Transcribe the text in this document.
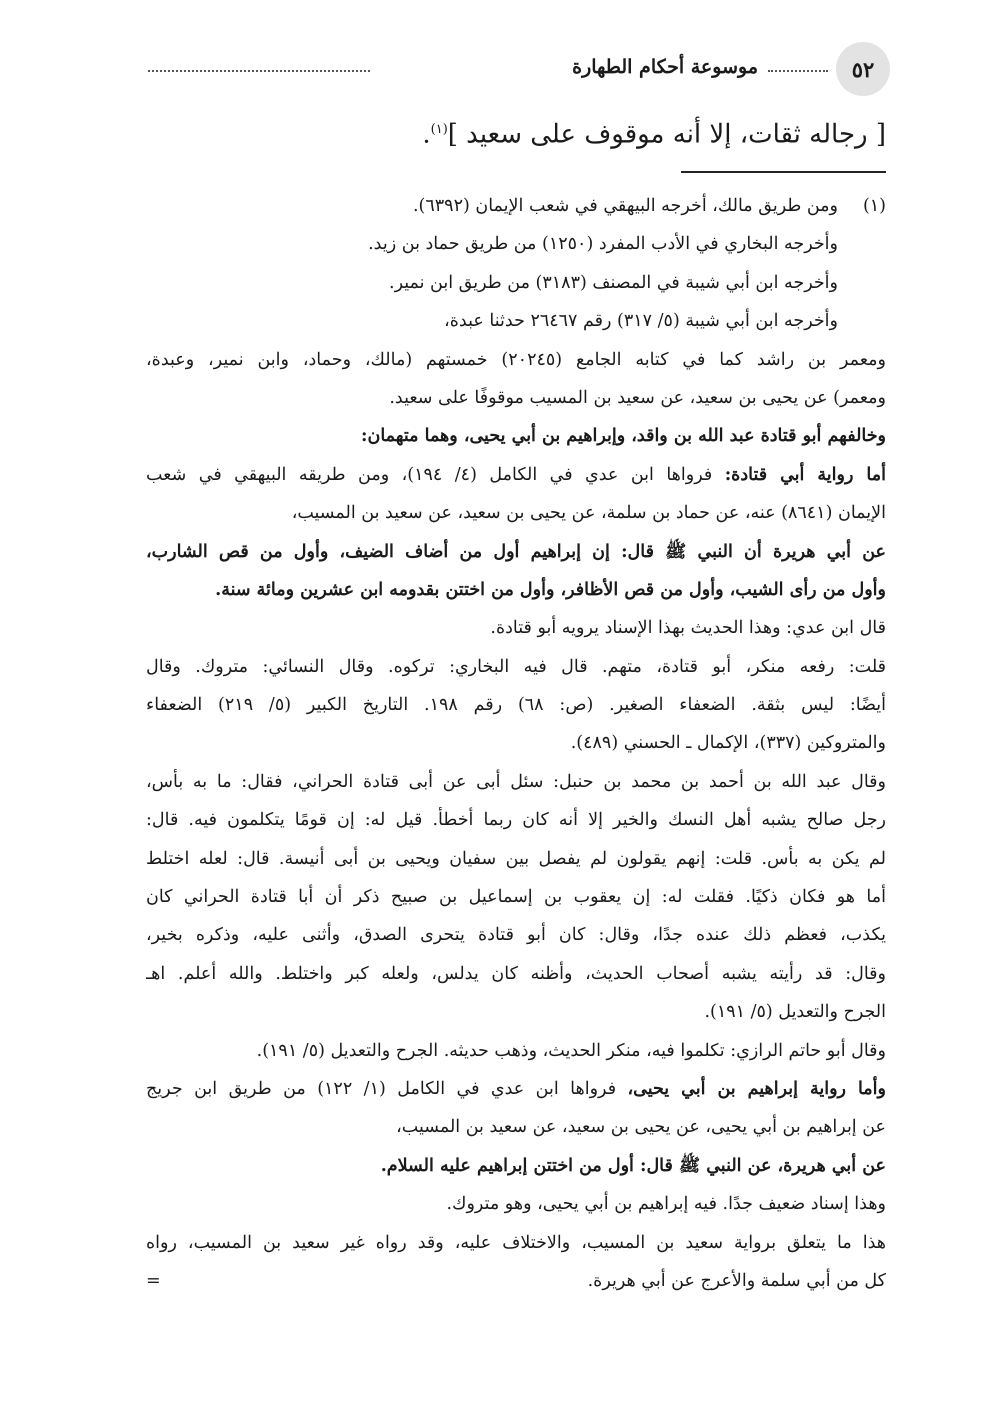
٥٢
موسوعة أحكام الطهارة
[ رجاله ثقات، إلا أنه موقوف على سعيد ]$^{(١)}$.
(١)
ومن طريق مالك، أخرجه البيهقي في شعب الإيمان (٦٣٩٢).
وأخرجه البخاري في الأدب المفرد (١٢٥٠) من طريق حماد بن زيد.
وأخرجه ابن أبي شيبة في المصنف (٣١٨٣) من طريق ابن نمير.
وأخرجه ابن أبي شيبة (٥/ ٣١٧) رقم ٢٦٤٦٧ حدثنا عبدة،
ومعمر بن راشد كما في كتابه الجامع (٢٠٢٤٥) خمستهم (مالك، وحماد، وابن نمير، وعبدة،
ومعمر) عن يحيى بن سعيد، عن سعيد بن المسيب موقوفًا على سعيد.
وخالفهم أبو قتادة عبد الله بن واقد، وإبراهيم بن أبي يحيى، وهما متهمان:
أما رواية أبي قتادة: فرواها ابن عدي في الكامل (٤/ ١٩٤)، ومن طريقه البيهقي في شعب
الإيمان (٨٦٤١) عنه، عن حماد بن سلمة، عن يحيى بن سعيد، عن سعيد بن المسيب،
عن أبي هريرة أن النبي ﷺ قال: إن إبراهيم أول من أضاف الضيف، وأول من قص الشارب،
وأول من رأى الشيب، وأول من قص الأظافر، وأول من اختتن بقدومه ابن عشرين ومائة سنة.
قال ابن عدي: وهذا الحديث بهذا الإسناد يرويه أبو قتادة.
قلت: رفعه منكر، أبو قتادة، متهم. قال فيه البخاري: تركوه. وقال النسائي: متروك. وقال
أيضًا: ليس بثقة. الضعفاء الصغير. (ص: ٦٨) رقم ١٩٨. التاريخ الكبير (٥/ ٢١٩) الضعفاء
والمتروكين (٣٣٧)، الإكمال ـ الحسني (٤٨٩).
وقال عبد الله بن أحمد بن محمد بن حنبل: سئل أبى عن أبى قتادة الحراني، فقال: ما به بأس،
رجل صالح يشبه أهل النسك والخير إلا أنه كان ربما أخطأ. قيل له: إن قومًا يتكلمون فيه. قال:
لم يكن به بأس. قلت: إنهم يقولون لم يفصل بين سفيان ويحيى بن أبى أنيسة. قال: لعله اختلط
أما هو فكان ذكيًا. فقلت له: إن يعقوب بن إسماعيل بن صبيح ذكر أن أبا قتادة الحراني كان
يكذب، فعظم ذلك عنده جدًا، وقال: كان أبو قتادة يتحرى الصدق، وأثنى عليه، وذكره بخير،
وقال: قد رأيته يشبه أصحاب الحديث، وأظنه كان يدلس، ولعله كبر واختلط. والله أعلم. اهـ
الجرح والتعديل (٥/ ١٩١).
وقال أبو حاتم الرازي: تكلموا فيه، منكر الحديث، وذهب حديثه. الجرح والتعديل (٥/ ١٩١).
وأما رواية إبراهيم بن أبي يحيى، فرواها ابن عدي في الكامل (١/ ١٢٢) من طريق ابن جريج
عن إبراهيم بن أبي يحيى، عن يحيى بن سعيد، عن سعيد بن المسيب،
عن أبي هريرة، عن النبي ﷺ قال: أول من اختتن إبراهيم عليه السلام.
وهذا إسناد ضعيف جدًا. فيه إبراهيم بن أبي يحيى، وهو متروك.
هذا ما يتعلق برواية سعيد بن المسيب، والاختلاف عليه، وقد رواه غير سعيد بن المسيب، رواه
كل من أبي سلمة والأعرج عن أبي هريرة.
=
